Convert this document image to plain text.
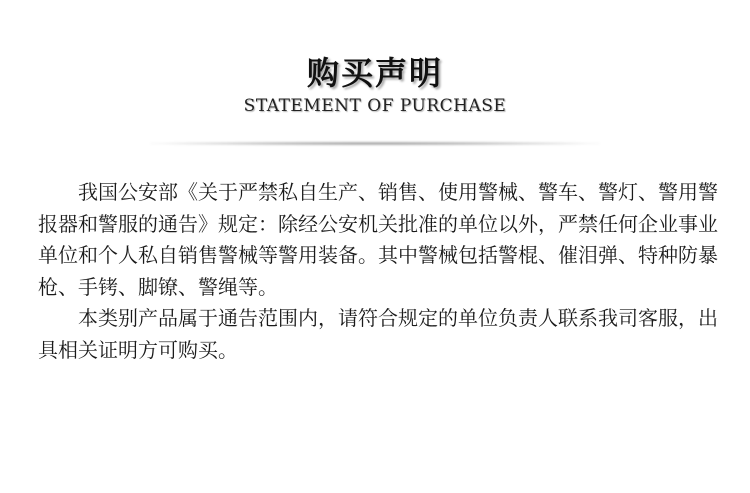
购买声明
STATEMENT OF PURCHASE

我国公安部《关于严禁私自生产、销售、使用警械、警车、警灯、警用警报器和警服的通告》规定：除经公安机关批准的单位以外，严禁任何企业事业单位和个人私自销售警械等警用装备。其中警械包括警棍、催泪弹、特种防暴枪、手铐、脚镣、警绳等。

本类别产品属于通告范围内，请符合规定的单位负责人联系我司客服，出具相关证明方可购买。
